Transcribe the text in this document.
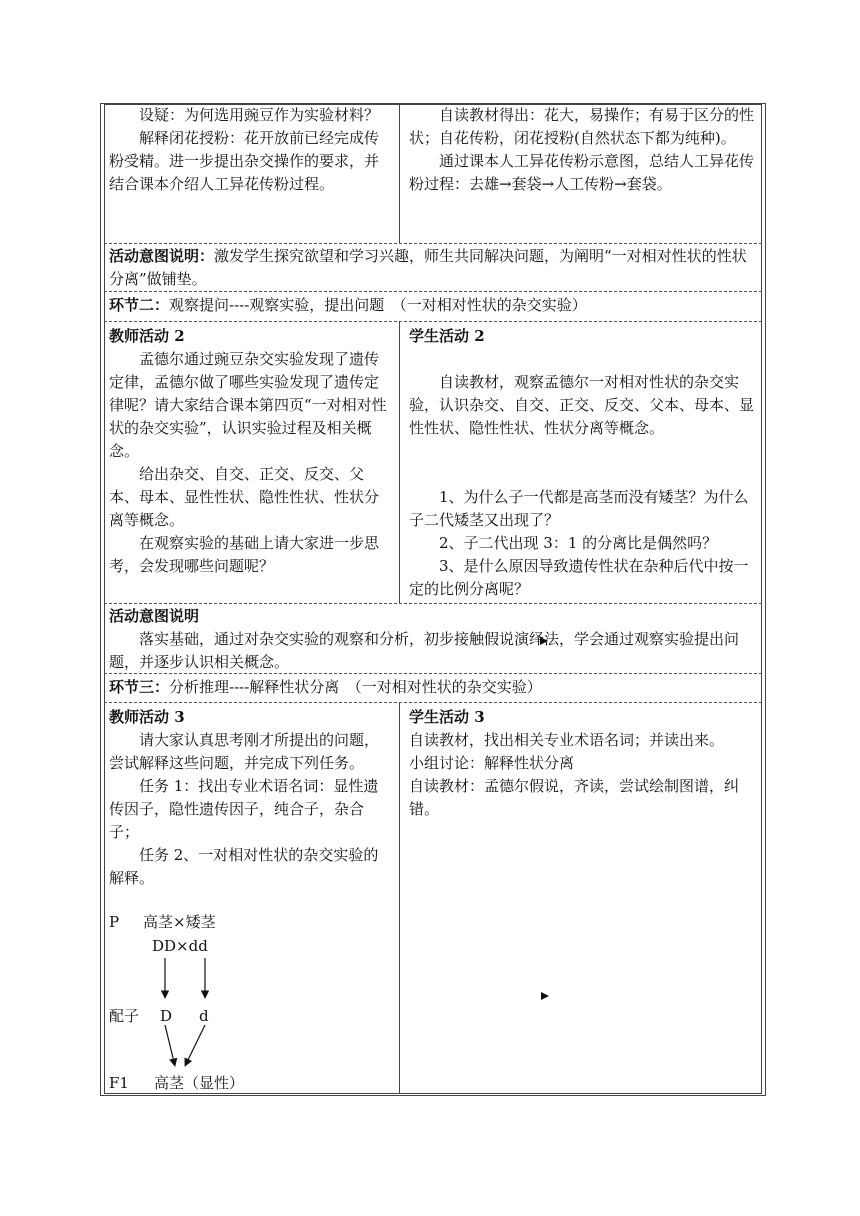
设疑：为何选用豌豆作为实验材料？

解释闭花授粉：花开放前已经完成传粉受精。进一步提出杂交操作的要求，并结合课本介绍人工异花传粉过程。

自读教材得出：花大，易操作；有易于区分的性状；自花传粉，闭花授粉(自然状态下都为纯种)。

通过课本人工异花传粉示意图，总结人工异花传粉过程：去雄→套袋→人工传粉→套袋。

活动意图说明：激发学生探究欲望和学习兴趣，师生共同解决问题，为阐明“一对相对性状的性状分离”做铺垫。

环节二：观察提问----观察实验，提出问题　（一对相对性状的杂交实验）

教师活动 2

孟德尔通过豌豆杂交实验发现了遗传定律，孟德尔做了哪些实验发现了遗传定律呢？请大家结合课本第四页“一对相对性状的杂交实验”，认识实验过程及相关概念。

给出杂交、自交、正交、反交、父本、母本、显性性状、隐性性状、性状分离等概念。

在观察实验的基础上请大家进一步思考，会发现哪些问题呢？

学生活动 2

自读教材，观察孟德尔一对相对性状的杂交实验，认识杂交、自交、正交、反交、父本、母本、显性性状、隐性性状、性状分离等概念。

1、为什么子一代都是高茎而没有矮茎？为什么子二代矮茎又出现了？

2、子二代出现 3：1 的分离比是偶然吗？

3、是什么原因导致遗传性状在杂种后代中按一定的比例分离呢？

活动意图说明

落实基础，通过对杂交实验的观察和分析，初步接触假说演绎法，学会通过观察实验提出问题，并逐步认识相关概念。

环节三：分析推理----解释性状分离　（一对相对性状的杂交实验）

教师活动 3

请大家认真思考刚才所提出的问题，尝试解释这些问题，并完成下列任务。

任务 1：找出专业术语名词：显性遗传因子，隐性遗传因子，纯合子，杂合子；

任务 2、一对相对性状的杂交实验的解释。

学生活动 3

自读教材，找出相关专业术语名词；并读出来。

小组讨论：解释性状分离

自读教材：孟德尔假说，齐读，尝试绘制图谱，纠错。

P 高茎×矮茎
DD×dd
配子 D d
F1 高茎（显性）
